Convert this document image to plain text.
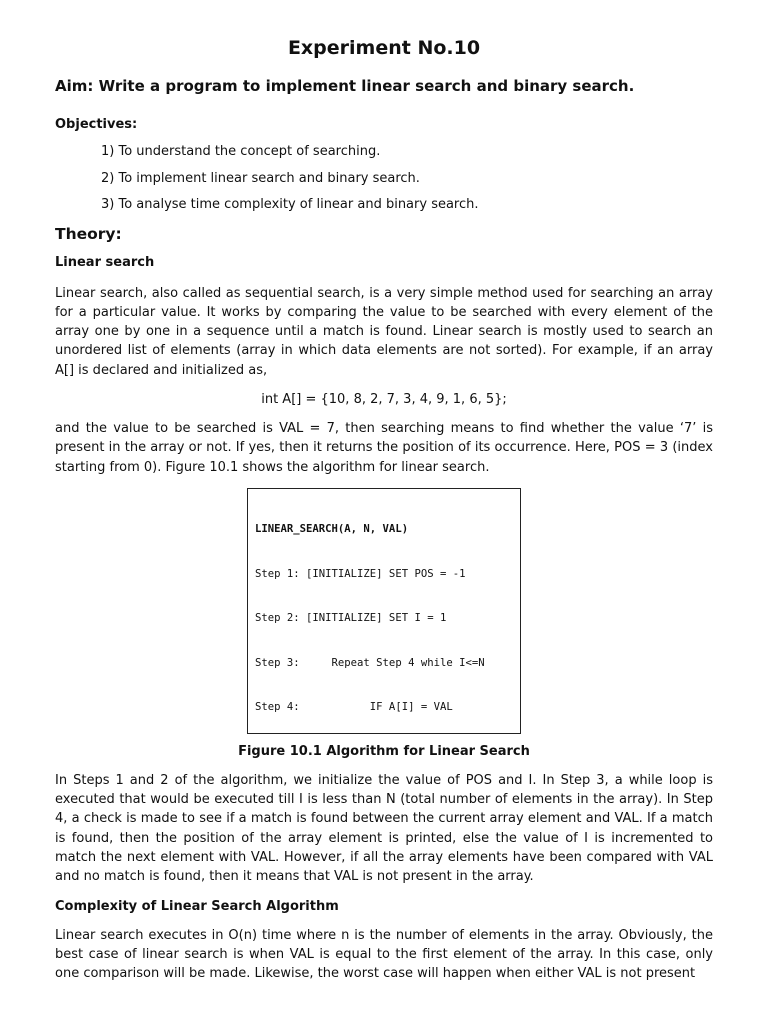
Experiment No.10
Aim: Write a program to implement linear search and binary search.
Objectives:
1) To understand the concept of searching.
2) To implement linear search and binary search.
3) To analyse time complexity of linear and binary search.
Theory:
Linear search
Linear search, also called as sequential search, is a very simple method used for searching an array for a particular value. It works by comparing the value to be searched with every element of the array one by one in a sequence until a match is found. Linear search is mostly used to search an unordered list of elements (array in which data elements are not sorted). For example, if an array A[] is declared and initialized as,
int A[] = {10, 8, 2, 7, 3, 4, 9, 1, 6, 5};
and the value to be searched is VAL = 7, then searching means to find whether the value ‘7’ is present in the array or not. If yes, then it returns the position of its occurrence. Here, POS = 3 (index starting from 0). Figure 10.1 shows the algorithm for linear search.

LINEAR_SEARCH(A, N, VAL)

Step 1: [INITIALIZE] SET POS = -1

Step 2: [INITIALIZE] SET I = 1

Step 3:     Repeat Step 4 while I<=N

Step 4:           IF A[I] = VAL

Figure 10.1 Algorithm for Linear Search
In Steps 1 and 2 of the algorithm, we initialize the value of POS and I. In Step 3, a while loop is executed that would be executed till I is less than N (total number of elements in the array). In Step 4, a check is made to see if a match is found between the current array element and VAL. If a match is found, then the position of the array element is printed, else the value of I is incremented to match the next element with VAL. However, if all the array elements have been compared with VAL and no match is found, then it means that VAL is not present in the array.
Complexity of Linear Search Algorithm
Linear search executes in O(n) time where n is the number of elements in the array. Obviously, the best case of linear search is when VAL is equal to the first element of the array. In this case, only one comparison will be made. Likewise, the worst case will happen when either VAL is not present
